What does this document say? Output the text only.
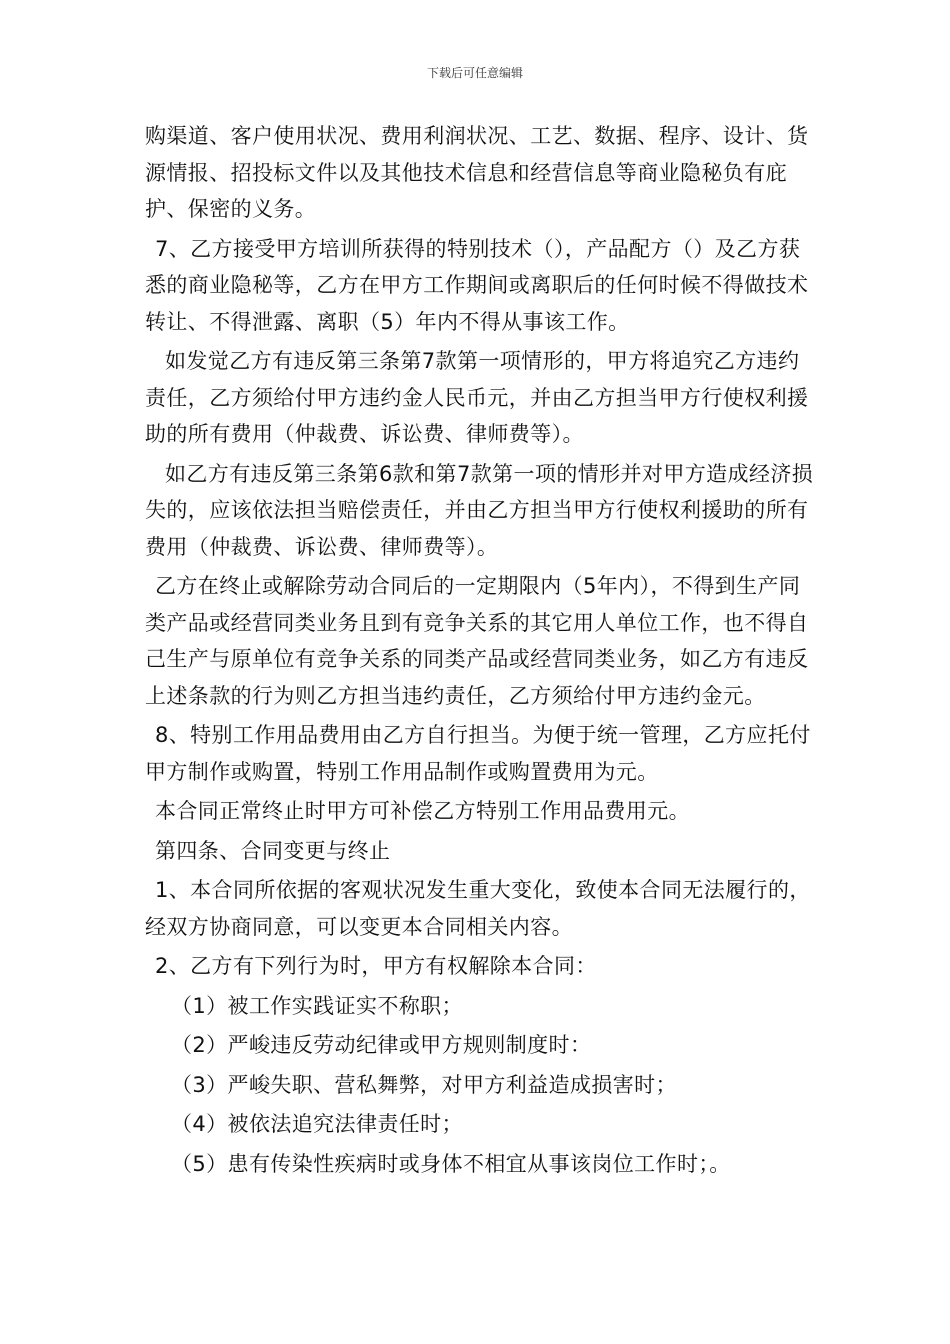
下载后可任意编辑

购渠道、客户使用状况、费用利润状况、工艺、数据、程序、设计、货源情报、招投标文件以及其他技术信息和经营信息等商业隐秘负有庇护、保密的义务。

7、乙方接受甲方培训所获得的特别技术（），产品配方（）及乙方获悉的商业隐秘等，乙方在甲方工作期间或离职后的任何时候不得做技术转让、不得泄露、离职（5）年内不得从事该工作。

如发觉乙方有违反第三条第7款第一项情形的，甲方将追究乙方违约责任，乙方须给付甲方违约金人民币元，并由乙方担当甲方行使权利援助的所有费用（仲裁费、诉讼费、律师费等）。

如乙方有违反第三条第6款和第7款第一项的情形并对甲方造成经济损失的，应该依法担当赔偿责任，并由乙方担当甲方行使权利援助的所有费用（仲裁费、诉讼费、律师费等）。

乙方在终止或解除劳动合同后的一定期限内（5年内），不得到生产同类产品或经营同类业务且到有竞争关系的其它用人单位工作，也不得自己生产与原单位有竞争关系的同类产品或经营同类业务，如乙方有违反上述条款的行为则乙方担当违约责任，乙方须给付甲方违约金元。

8、特别工作用品费用由乙方自行担当。为便于统一管理，乙方应托付甲方制作或购置，特别工作用品制作或购置费用为元。

本合同正常终止时甲方可补偿乙方特别工作用品费用元。

第四条、合同变更与终止

1、本合同所依据的客观状况发生重大变化，致使本合同无法履行的，经双方协商同意，可以变更本合同相关内容。

2、乙方有下列行为时，甲方有权解除本合同：

（1）被工作实践证实不称职；

（2）严峻违反劳动纪律或甲方规则制度时：

（3）严峻失职、营私舞弊，对甲方利益造成损害时；

（4）被依法追究法律责任时；

（5）患有传染性疾病时或身体不相宜从事该岗位工作时；。
